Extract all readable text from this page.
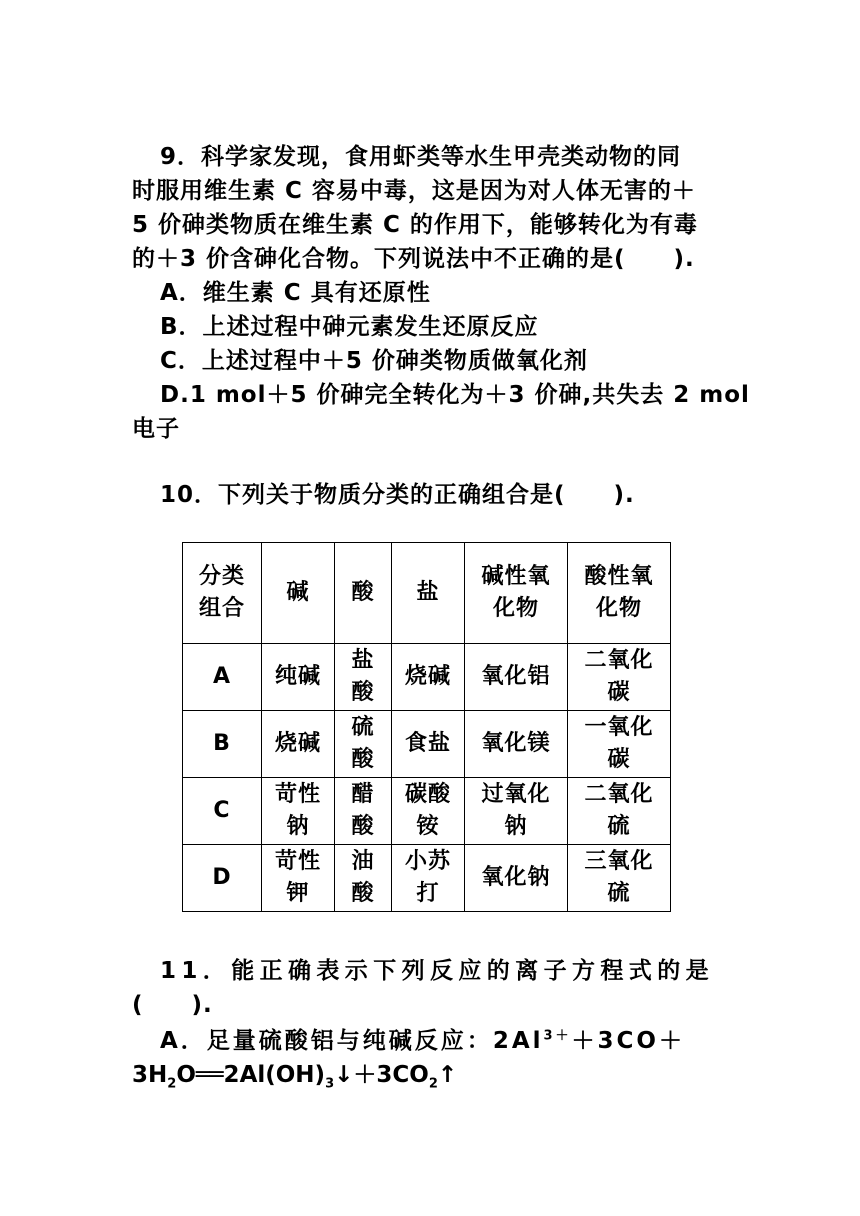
9．科学家发现，食用虾类等水生甲壳类动物的同
时服用维生素 C 容易中毒，这是因为对人体无害的＋
5 价砷类物质在维生素 C 的作用下，能够转化为有毒
的＋3 价含砷化合物。下列说法中不正确的是(　　).
A．维生素 C 具有还原性
B．上述过程中砷元素发生还原反应
C．上述过程中＋5 价砷类物质做氧化剂
D.1 mol＋5 价砷完全转化为＋3 价砷,共失去 2 mol
电子
10．下列关于物质分类的正确组合是(　　).
分类组合	碱	酸	盐	碱性氧化物	酸性氧化物
A	纯碱	盐酸	烧碱	氧化铝	二氧化碳
B	烧碱	硫酸	食盐	氧化镁	一氧化碳
C	苛性钠	醋酸	碳酸铵	过氧化钠	二氧化硫
D	苛性钾	油酸	小苏打	氧化钠	三氧化硫
11．能正确表示下列反应的离子方程式的是
(　　).
A．足量硫酸铝与纯碱反应：$2Al^{3+}+3CO+$
$3H_2O══2Al(OH)_3↓+3CO_2↑$
